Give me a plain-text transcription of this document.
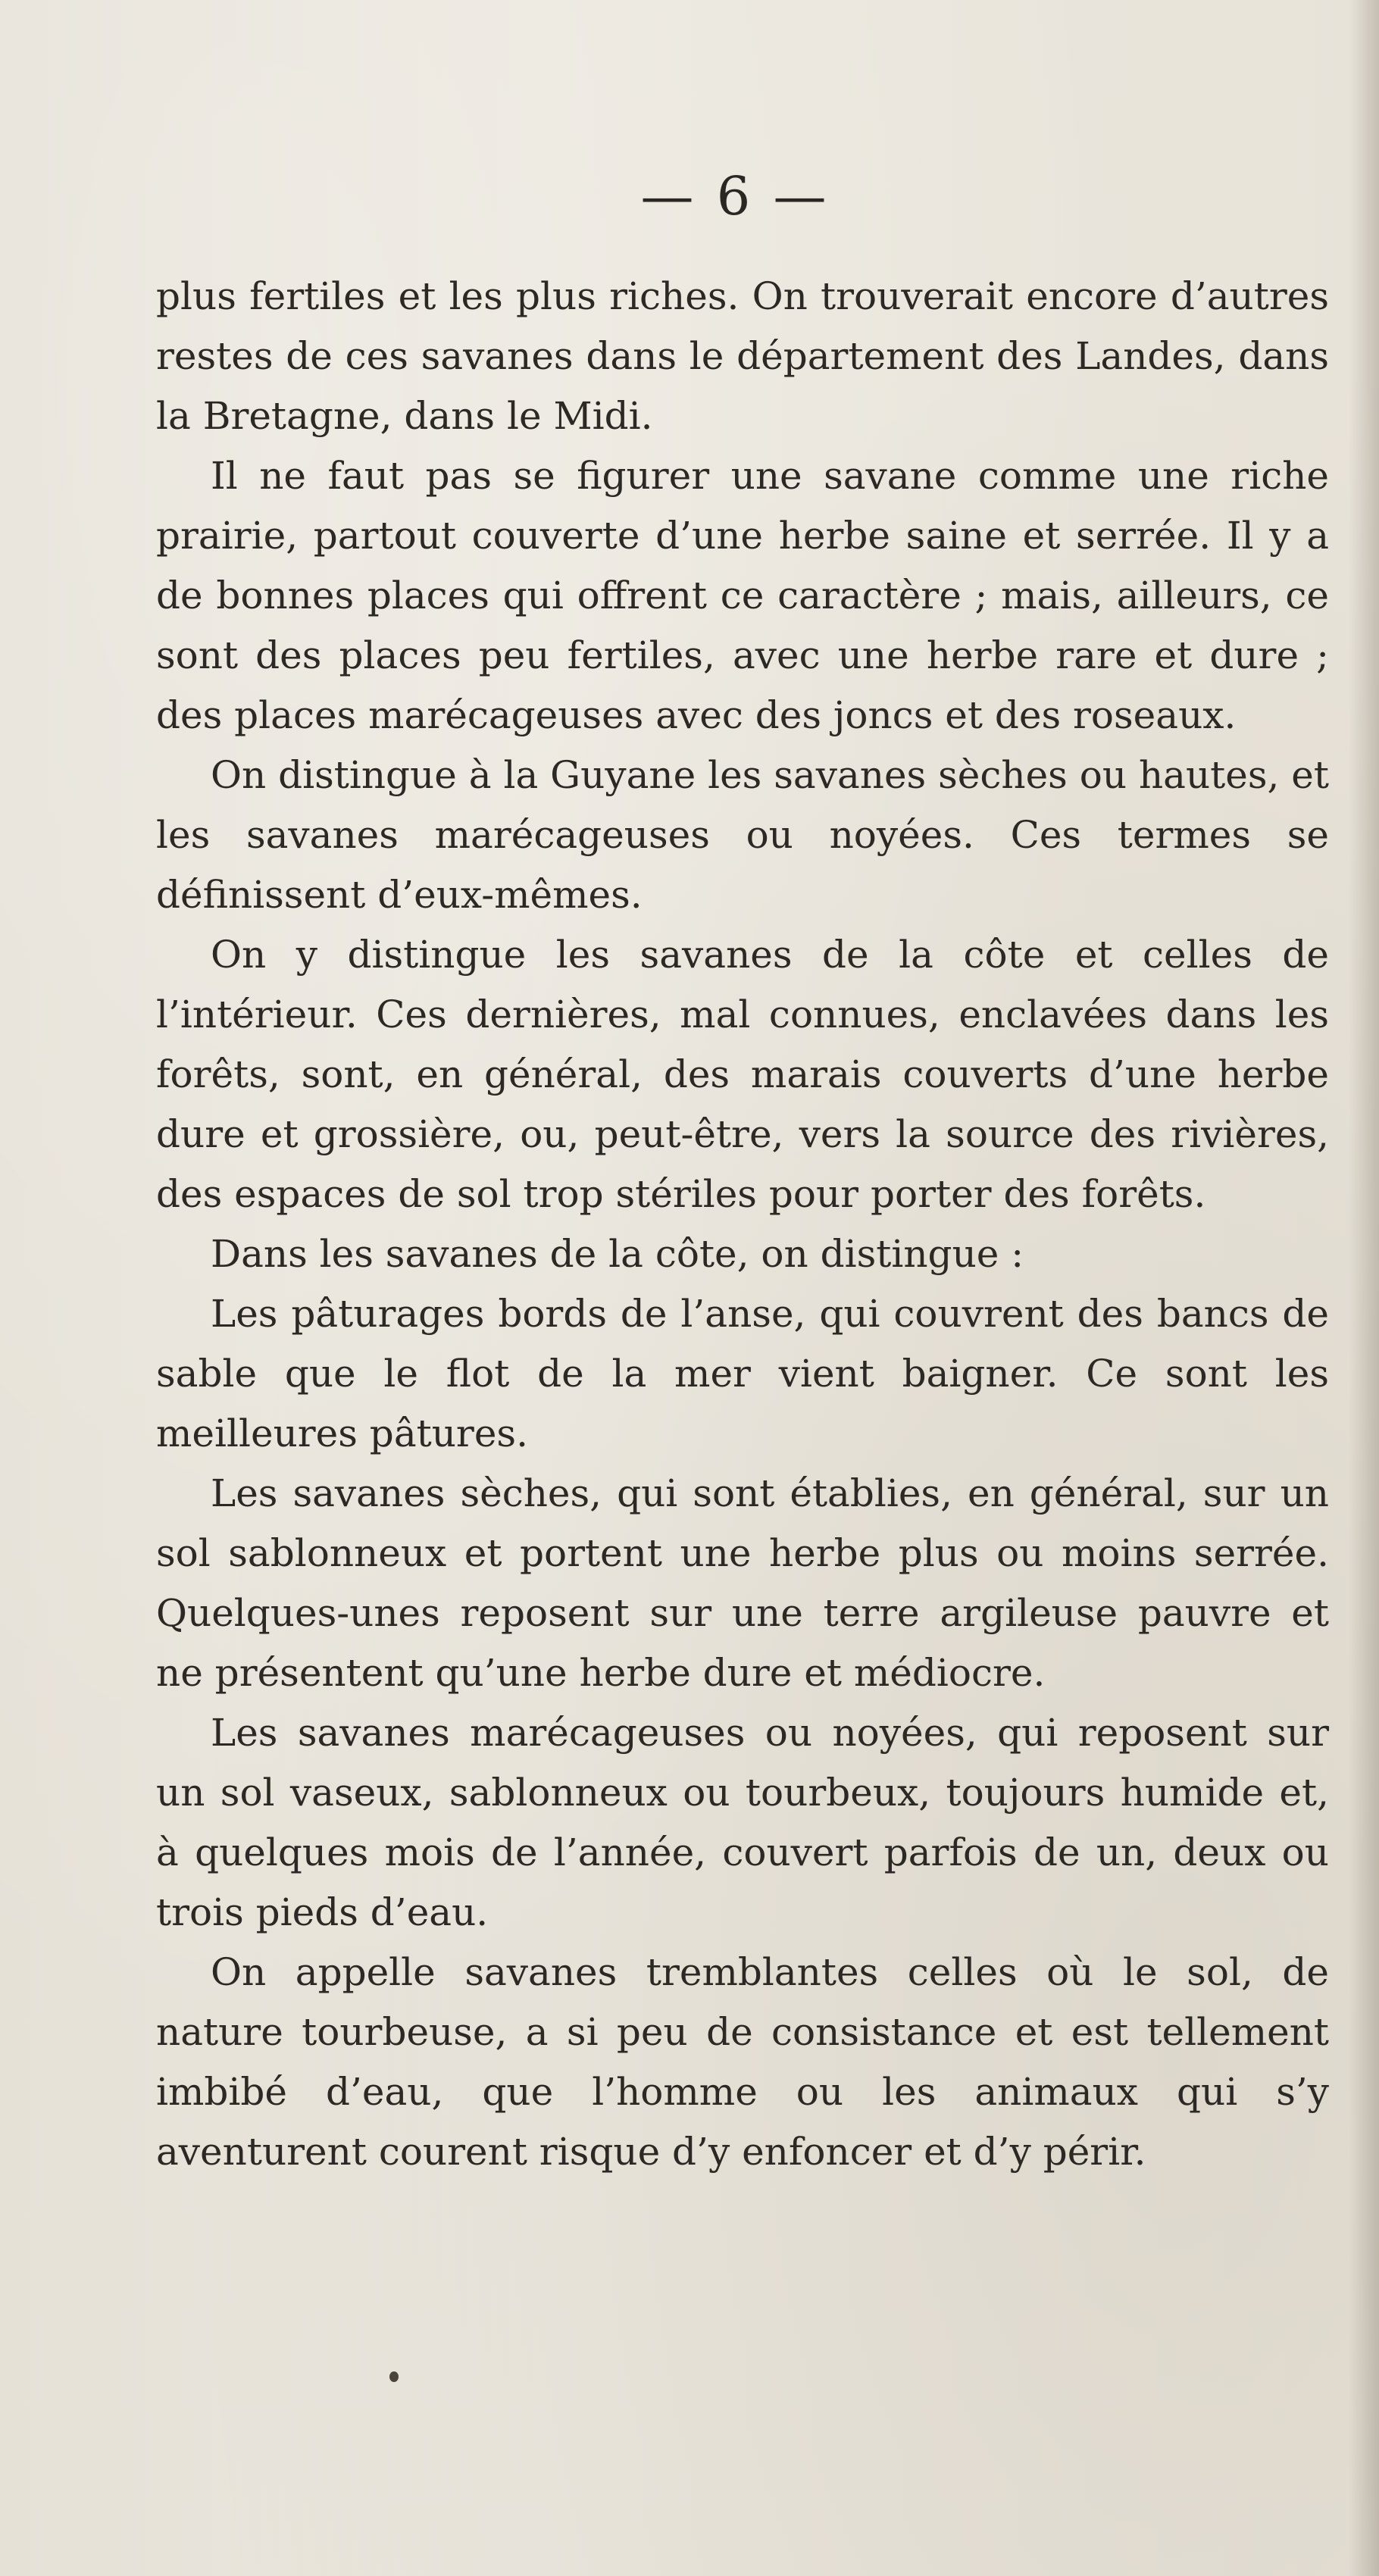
— 6 —

plus fertiles et les plus riches. On trouverait encore d’autres restes de ces savanes dans le département des Landes, dans la Bretagne, dans le Midi.

Il ne faut pas se figurer une savane comme une riche prairie, partout couverte d’une herbe saine et serrée. Il y a de bonnes places qui offrent ce caractère ; mais, ailleurs, ce sont des places peu fertiles, avec une herbe rare et dure ; des places marécageuses avec des joncs et des roseaux.

On distingue à la Guyane les savanes sèches ou hautes, et les savanes marécageuses ou noyées. Ces termes se définissent d’eux-mêmes.

On y distingue les savanes de la côte et celles de l’intérieur. Ces dernières, mal connues, enclavées dans les forêts, sont, en général, des marais couverts d’une herbe dure et grossière, ou, peut-être, vers la source des rivières, des espaces de sol trop stériles pour porter des forêts.

Dans les savanes de la côte, on distingue :

Les pâturages bords de l’anse, qui couvrent des bancs de sable que le flot de la mer vient baigner. Ce sont les meilleures pâtures.

Les savanes sèches, qui sont établies, en général, sur un sol sablonneux et portent une herbe plus ou moins serrée. Quelques-unes reposent sur une terre argileuse pauvre et ne présentent qu’une herbe dure et médiocre.

Les savanes marécageuses ou noyées, qui reposent sur un sol vaseux, sablonneux ou tourbeux, toujours humide et, à quelques mois de l’année, couvert parfois de un, deux ou trois pieds d’eau.

On appelle savanes tremblantes celles où le sol, de nature tourbeuse, a si peu de consistance et est tellement imbibé d’eau, que l’homme ou les animaux qui s’y aventurent courent risque d’y enfoncer et d’y périr.
